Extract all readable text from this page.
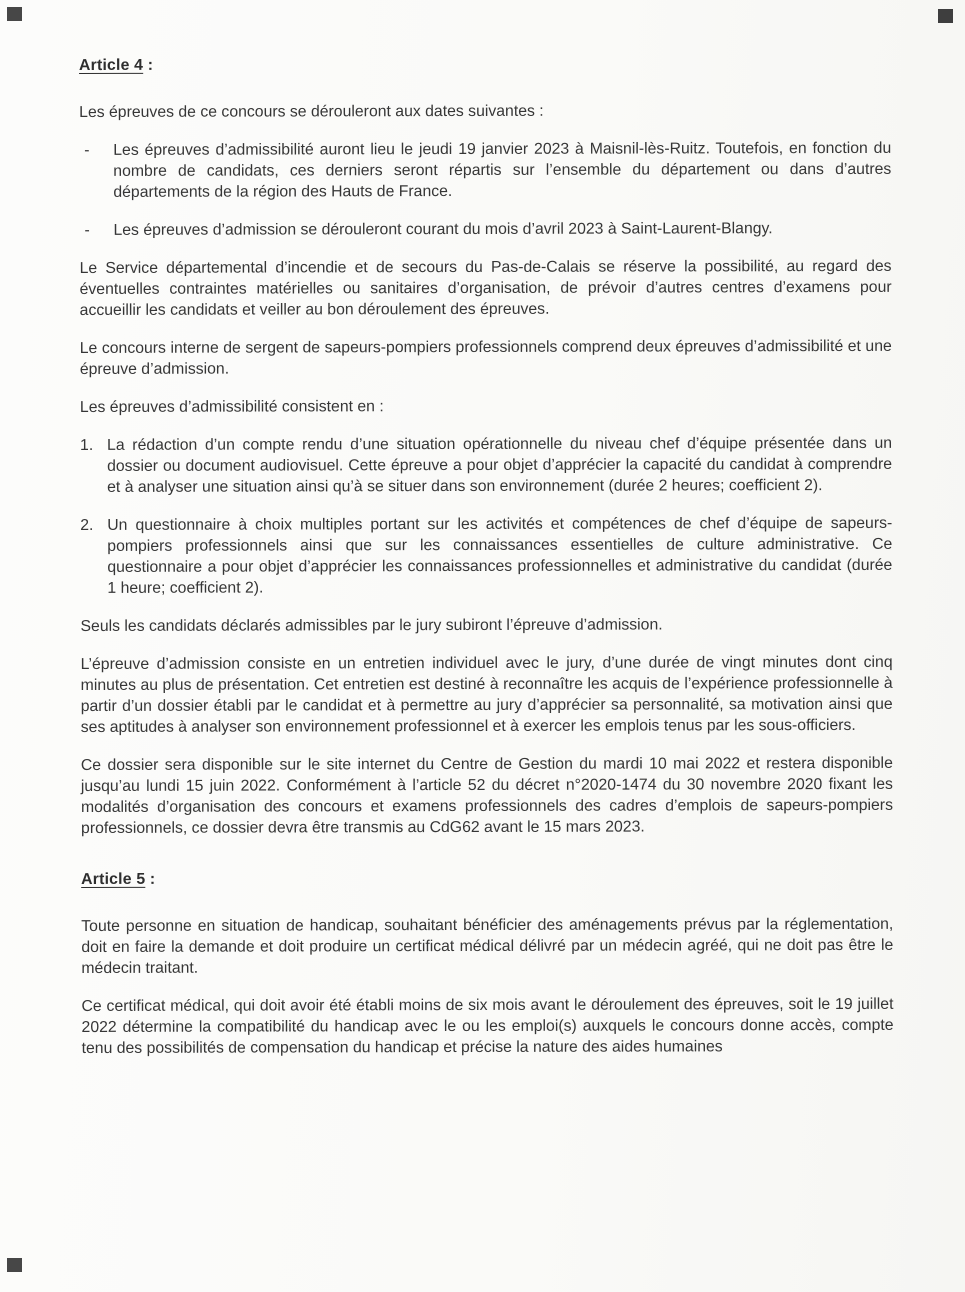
Article 4 :

Les épreuves de ce concours se dérouleront aux dates suivantes :

-	Les épreuves d’admissibilité auront lieu le jeudi 19 janvier 2023 à Maisnil-lès-Ruitz. Toutefois, en fonction du nombre de candidats, ces derniers seront répartis sur l’ensemble du département ou dans d’autres départements de la région des Hauts de France.

-	Les épreuves d’admission se dérouleront courant du mois d’avril 2023 à Saint-Laurent-Blangy.

Le Service départemental d’incendie et de secours du Pas-de-Calais se réserve la possibilité, au regard des éventuelles contraintes matérielles ou sanitaires d’organisation, de prévoir d’autres centres d’examens pour accueillir les candidats et veiller au bon déroulement des épreuves.

Le concours interne de sergent de sapeurs-pompiers professionnels comprend deux épreuves d’admissibilité et une épreuve d’admission.

Les épreuves d’admissibilité consistent en :

1. La rédaction d’un compte rendu d’une situation opérationnelle du niveau chef d’équipe présentée dans un dossier ou document audiovisuel. Cette épreuve a pour objet d’apprécier la capacité du candidat à comprendre et à analyser une situation ainsi qu’à se situer dans son environnement (durée 2 heures; coefficient 2).

2. Un questionnaire à choix multiples portant sur les activités et compétences de chef d’équipe de sapeurs-pompiers professionnels ainsi que sur les connaissances essentielles de culture administrative. Ce questionnaire a pour objet d’apprécier les connaissances professionnelles et administrative du candidat (durée 1 heure; coefficient 2).

Seuls les candidats déclarés admissibles par le jury subiront l’épreuve d’admission.

L’épreuve d’admission consiste en un entretien individuel avec le jury, d’une durée de vingt minutes dont cinq minutes au plus de présentation. Cet entretien est destiné à reconnaître les acquis de l’expérience professionnelle à partir d’un dossier établi par le candidat et à permettre au jury d’apprécier sa personnalité, sa motivation ainsi que ses aptitudes à analyser son environnement professionnel et à exercer les emplois tenus par les sous-officiers.

Ce dossier sera disponible sur le site internet du Centre de Gestion du mardi 10 mai 2022 et restera disponible jusqu’au lundi 15 juin 2022. Conformément à l’article 52 du décret n°2020-1474 du 30 novembre 2020 fixant les modalités d’organisation des concours et examens professionnels des cadres d’emplois de sapeurs-pompiers professionnels, ce dossier devra être transmis au CdG62 avant le 15 mars 2023.

Article 5 :

Toute personne en situation de handicap, souhaitant bénéficier des aménagements prévus par la réglementation, doit en faire la demande et doit produire un certificat médical délivré par un médecin agréé, qui ne doit pas être le médecin traitant.

Ce certificat médical, qui doit avoir été établi moins de six mois avant le déroulement des épreuves, soit le 19 juillet 2022 détermine la compatibilité du handicap avec le ou les emploi(s) auxquels le concours donne accès, compte tenu des possibilités de compensation du handicap et précise la nature des aides humaines
